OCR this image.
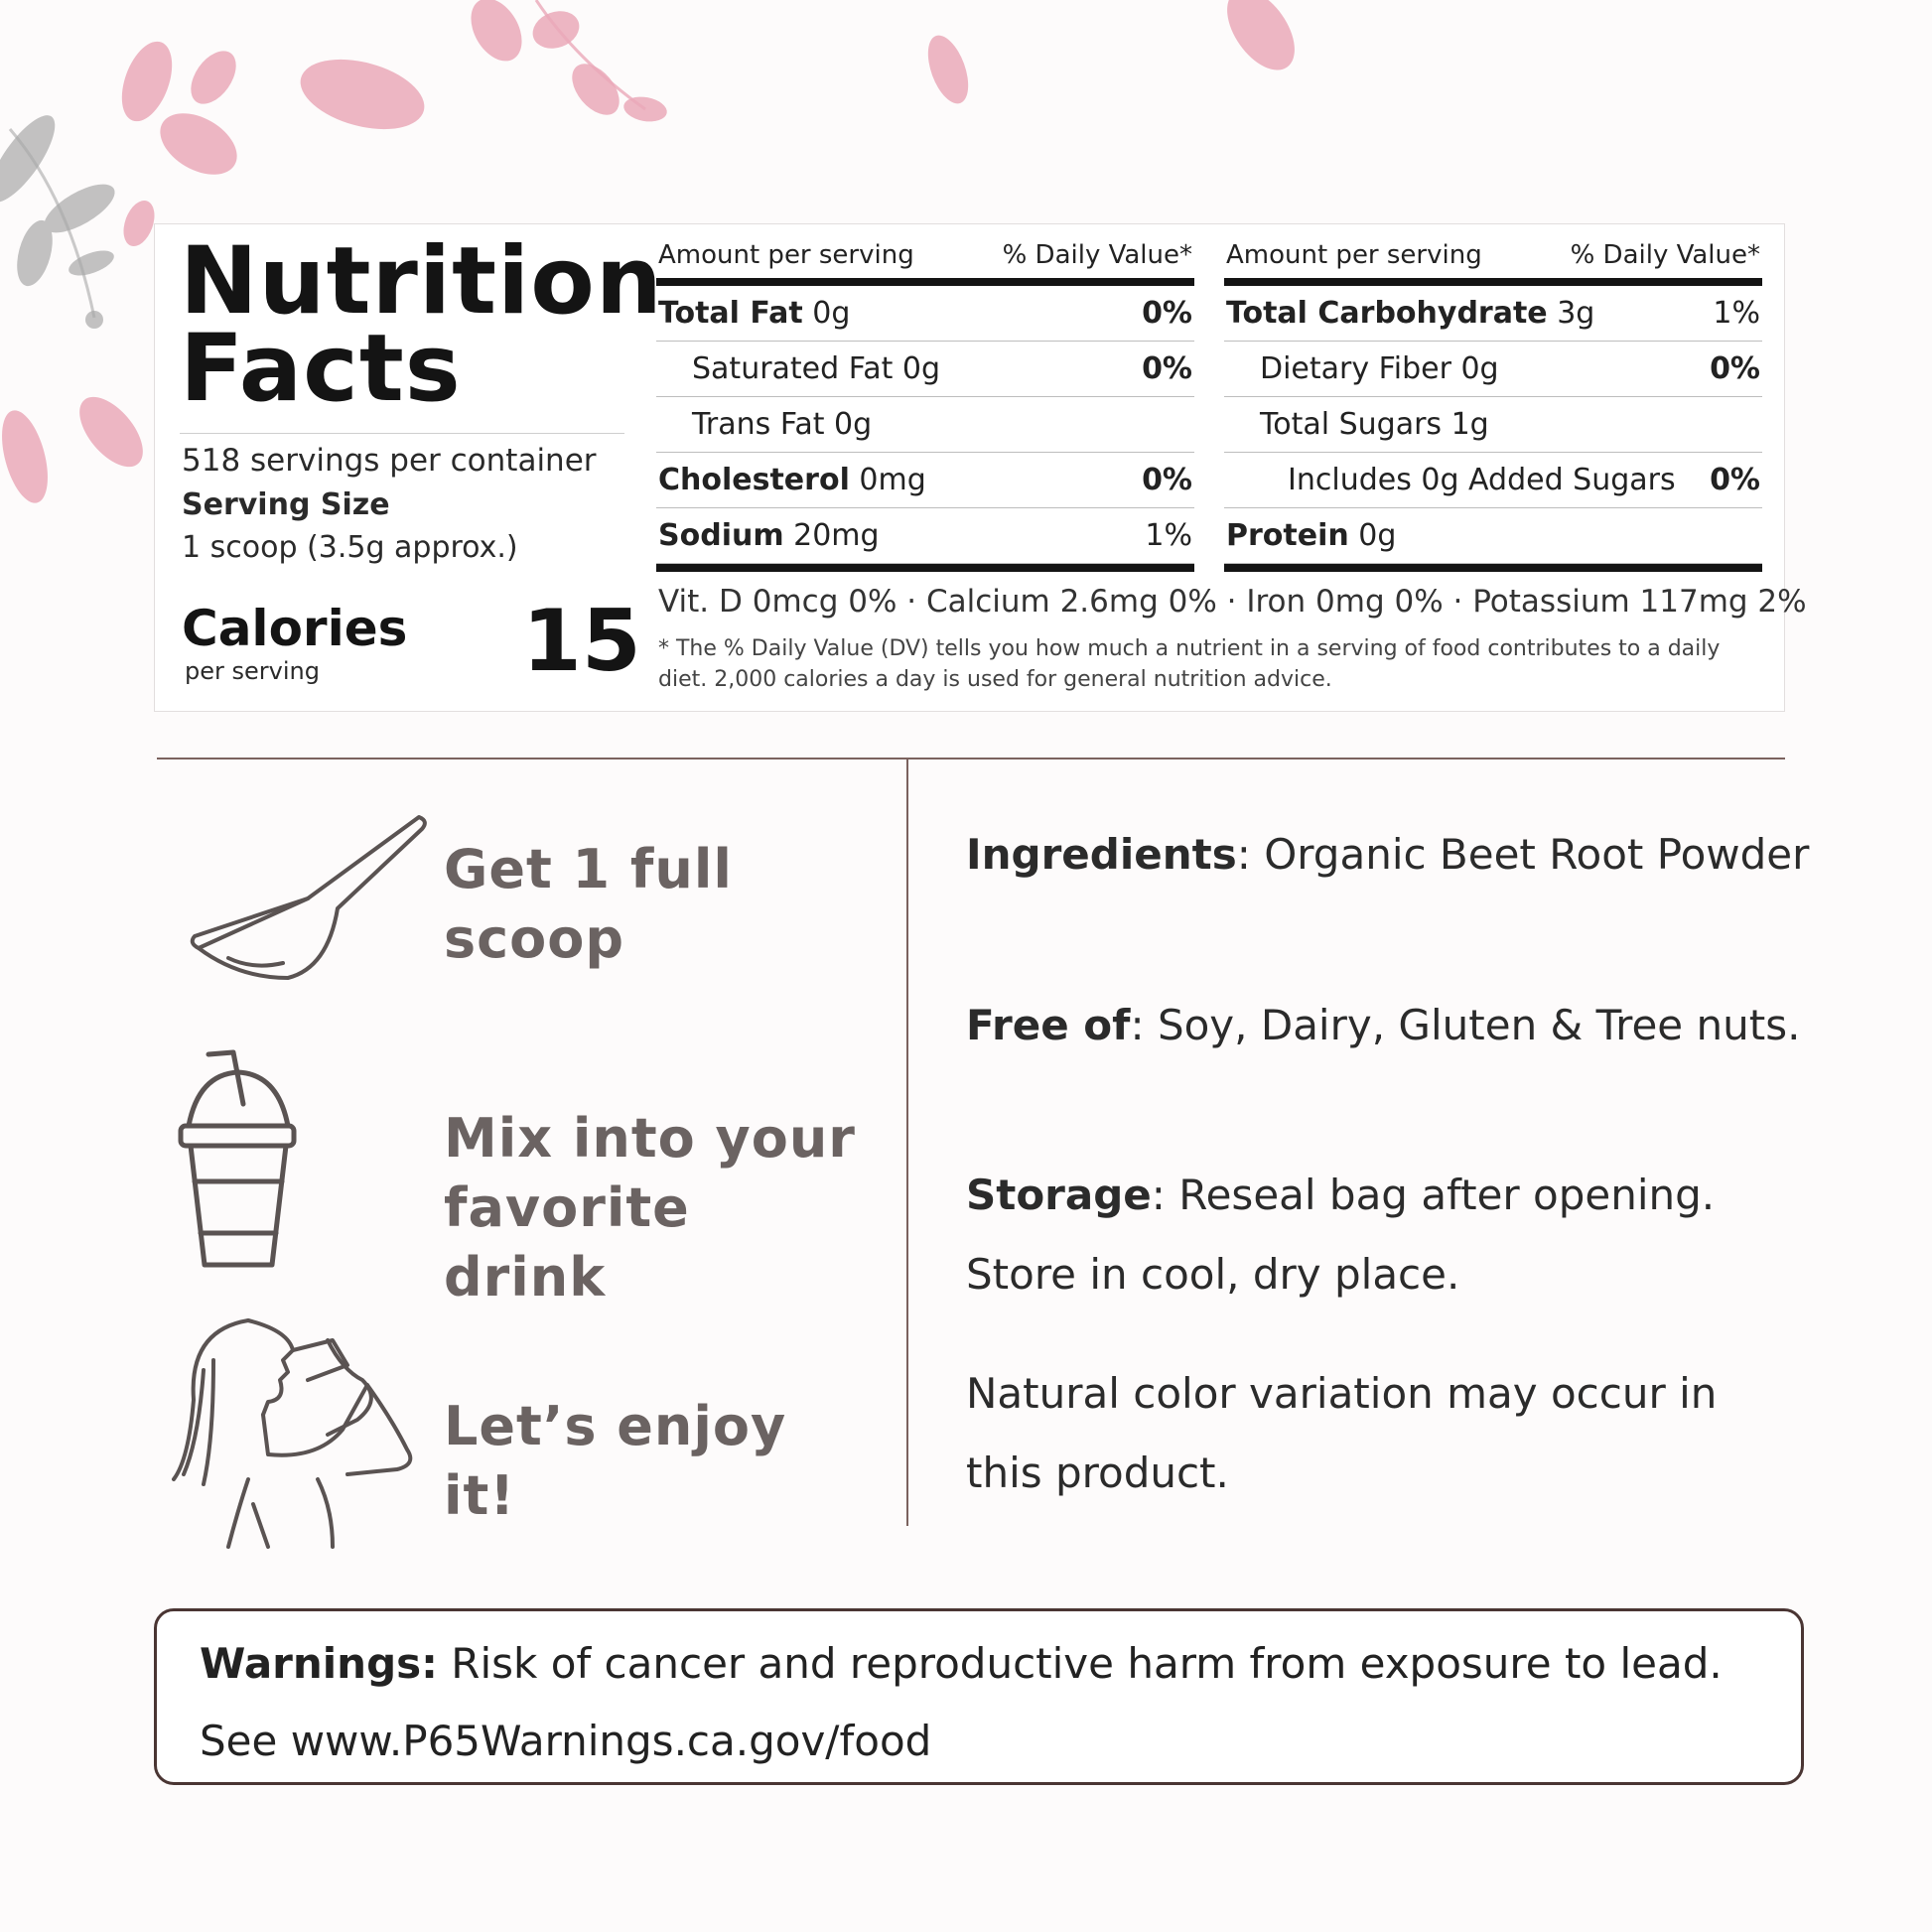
Nutrition Facts
518 servings per container
Serving Size
1 scoop (3.5g approx.)
Calories
per serving 15
Amount per serving	% Daily Value*
Total Fat 0g	0%
Saturated Fat 0g	0%
Trans Fat 0g
Cholesterol 0mg	0%
Sodium 20mg	1%
Amount per serving	% Daily Value*
Total Carbohydrate 3g	1%
Dietary Fiber 0g	0%
Total Sugars 1g
Includes 0g Added Sugars 0%
Protein 0g
Vit. D 0mcg 0% · Calcium 2.6mg 0% · Iron 0mg 0% · Potassium 117mg 2%
* The % Daily Value (DV) tells you how much a nutrient in a serving of food contributes to a daily diet. 2,000 calories a day is used for general nutrition advice.
Get 1 full
scoop
Mix into your
favorite drink
Let’s enjoy it!
Ingredients: Organic Beet Root Powder
Free of: Soy, Dairy, Gluten & Tree nuts.
Storage: Reseal bag after opening.
Store in cool, dry place.
Natural color variation may occur in
this product.
Warnings: Risk of cancer and reproductive harm from exposure to lead.
See www.P65Warnings.ca.gov/food
